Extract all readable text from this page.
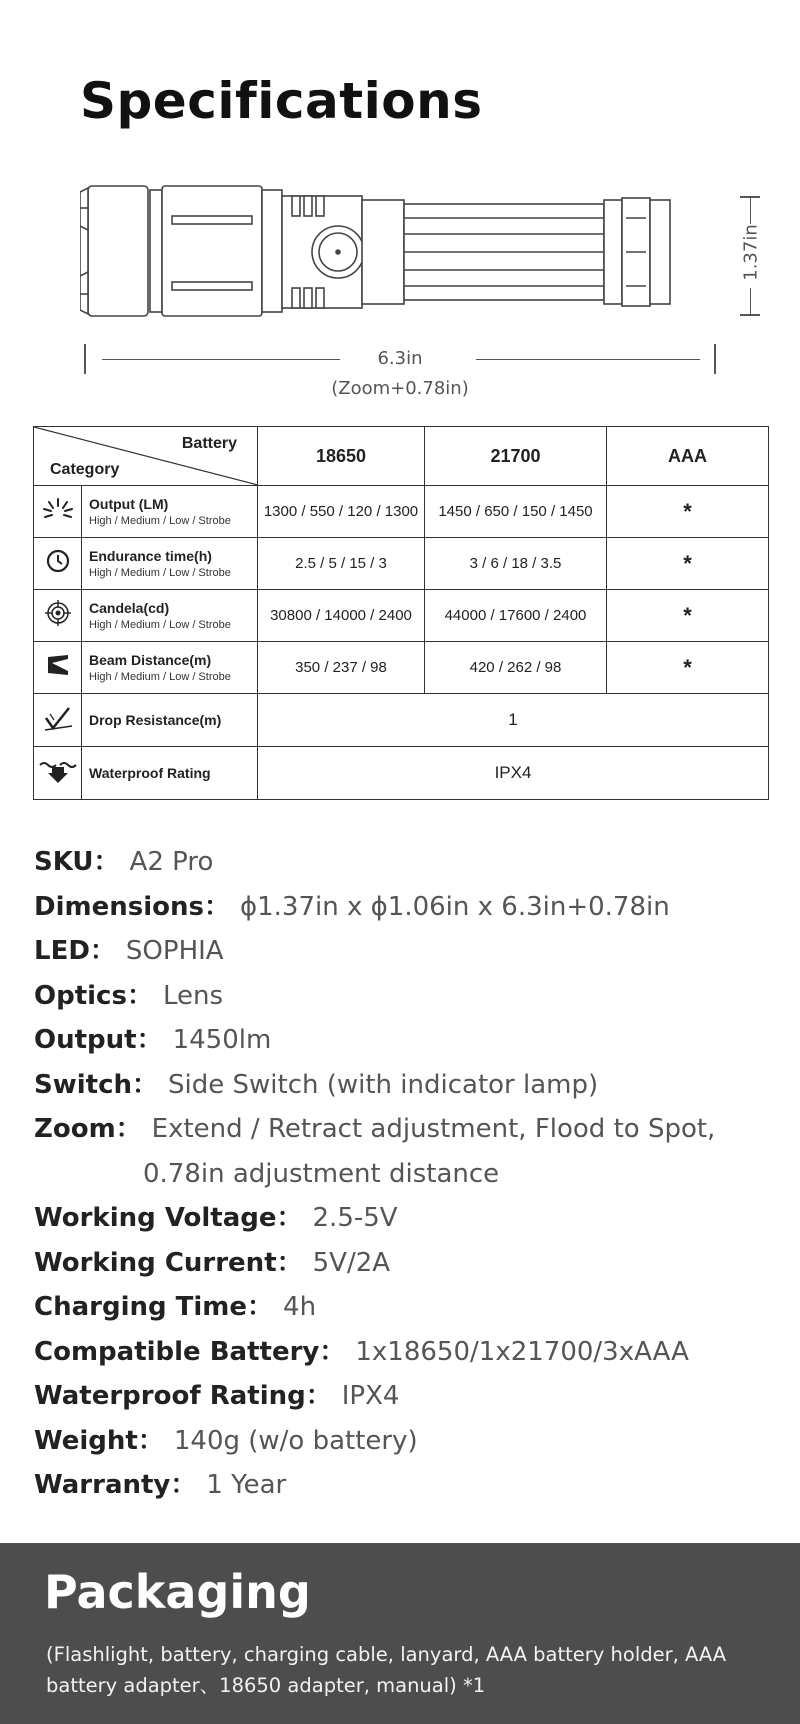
Specifications
6.3in
(Zoom+0.78in)
1.37in
Battery
Category		18650	21700	AAA

Output (LM)
High / Medium / Low / Strobe	1300 / 550 / 120 / 1300	1450 / 650 / 150 / 1450	*

Endurance time(h)
High / Medium / Low / Strobe	2.5 / 5 / 15 / 3	3 / 6 / 18 / 3.5	*

Candela(cd)
High / Medium / Low / Strobe	30800 / 14000 / 2400	44000 / 17600 / 2400	*

Beam Distance(m)
High / Medium / Low / Strobe	350 / 237 / 98	420 / 262 / 98	*

Drop Resistance(m)	1		

Waterproof Rating	IPX4		
SKU： A2 Pro
Dimensions： ϕ1.37in x ϕ1.06in x 6.3in+0.78in
LED： SOPHIA
Optics： Lens
Output： 1450lm
Switch： Side Switch (with indicator lamp)
Zoom： Extend / Retract adjustment, Flood to Spot,
0.78in adjustment distance
Working Voltage： 2.5-5V
Working Current： 5V/2A
Charging Time： 4h
Compatible Battery： 1x18650/1x21700/3xAAA
Waterproof Rating： IPX4
Weight： 140g (w/o battery)
Warranty： 1 Year
Packaging
(Flashlight, battery, charging cable, lanyard, AAA battery holder, AAA battery adapter、18650 adapter, manual) *1
